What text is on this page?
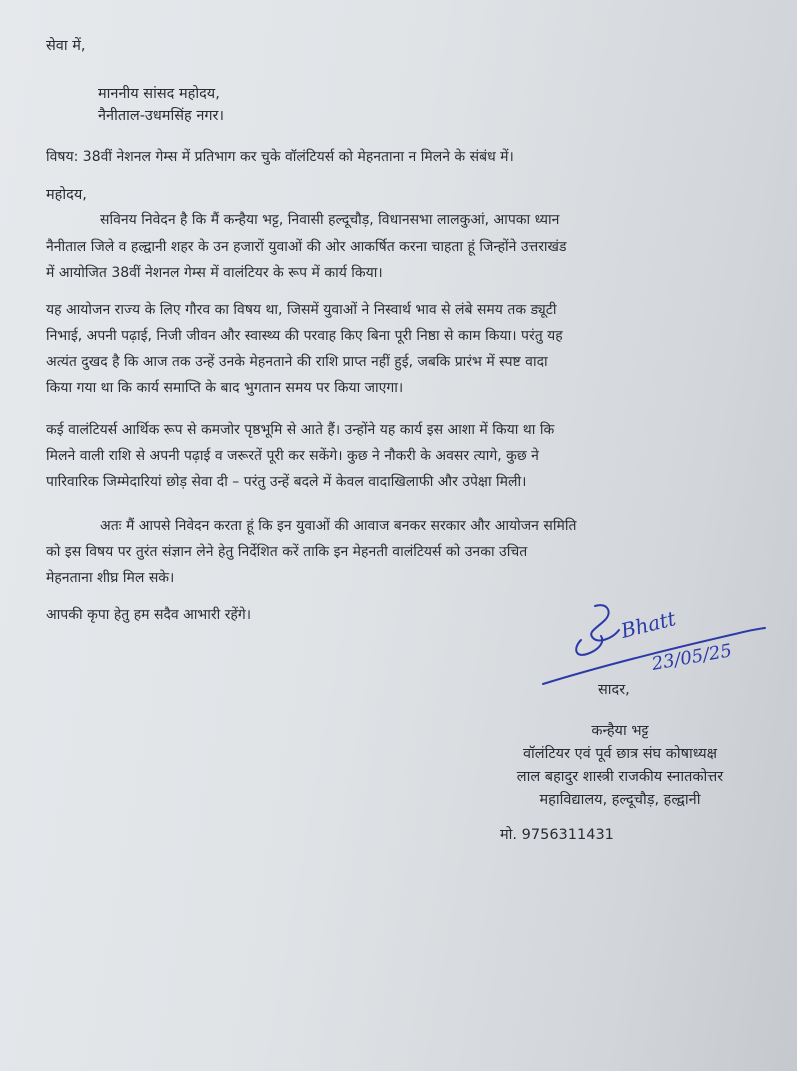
सेवा में,
माननीय सांसद महोदय,
नैनीताल-उधमसिंह नगर।
विषय: 38वीं नेशनल गेम्स में प्रतिभाग कर चुके वॉलंटियर्स को मेहनताना न मिलने के संबंध में।
महोदय,
सविनय निवेदन है कि मैं कन्हैया भट्ट, निवासी हल्दूचौड़, विधानसभा लालकुआं, आपका ध्यान
नैनीताल जिले व हल्द्वानी शहर के उन हजारों युवाओं की ओर आकर्षित करना चाहता हूं जिन्होंने उत्तराखंड
में आयोजित 38वीं नेशनल गेम्स में वालंटियर के रूप में कार्य किया।
यह आयोजन राज्य के लिए गौरव का विषय था, जिसमें युवाओं ने निस्वार्थ भाव से लंबे समय तक ड्यूटी
निभाई, अपनी पढ़ाई, निजी जीवन और स्वास्थ्य की परवाह किए बिना पूरी निष्ठा से काम किया। परंतु यह
अत्यंत दुखद है कि आज तक उन्हें उनके मेहनताने की राशि प्राप्त नहीं हुई, जबकि प्रारंभ में स्पष्ट वादा
किया गया था कि कार्य समाप्ति के बाद भुगतान समय पर किया जाएगा।
कई वालंटियर्स आर्थिक रूप से कमजोर पृष्ठभूमि से आते हैं। उन्होंने यह कार्य इस आशा में किया था कि
मिलने वाली राशि से अपनी पढ़ाई व जरूरतें पूरी कर सकेंगे। कुछ ने नौकरी के अवसर त्यागे, कुछ ने
पारिवारिक जिम्मेदारियां छोड़ सेवा दी – परंतु उन्हें बदले में केवल वादाखिलाफी और उपेक्षा मिली।
अतः मैं आपसे निवेदन करता हूं कि इन युवाओं की आवाज बनकर सरकार और आयोजन समिति
को इस विषय पर तुरंत संज्ञान लेने हेतु निर्देशित करें ताकि इन मेहनती वालंटियर्स को उनका उचित
मेहनताना शीघ्र मिल सके।
आपकी कृपा हेतु हम सदैव आभारी रहेंगे।	Bhatt
23/05/25
सादर,
कन्हैया भट्ट
वॉलंटियर एवं पूर्व छात्र संघ कोषाध्यक्ष
लाल बहादुर शास्त्री राजकीय स्नातकोत्तर
महाविद्यालय, हल्दूचौड़, हल्द्वानी
मो. 9756311431
